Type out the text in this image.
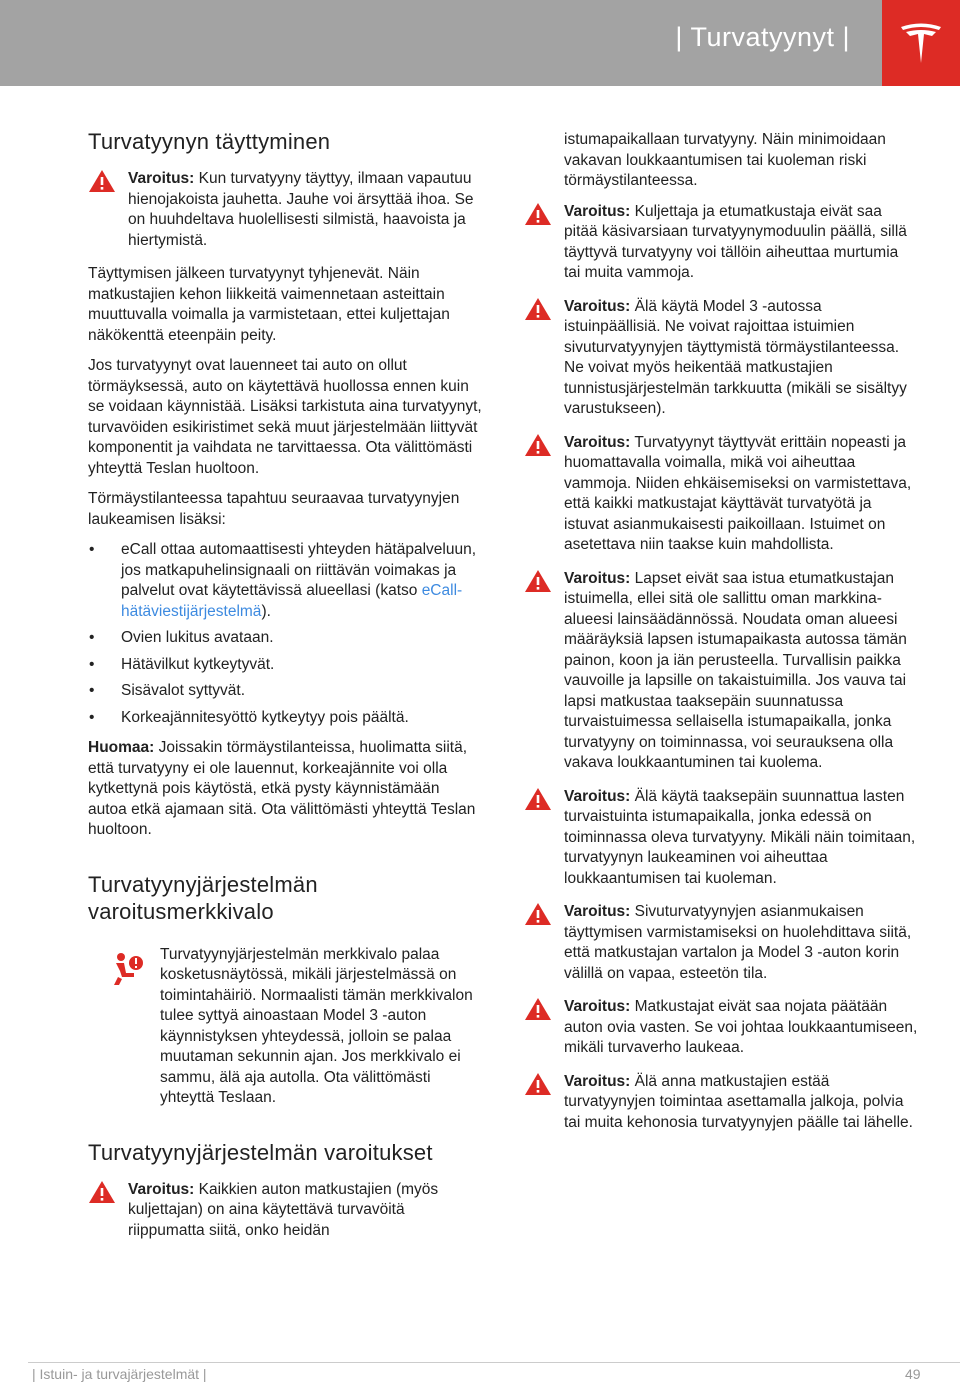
| Turvatyynyt |
Turvatyynyn täyttyminen
Varoitus: Kun turvatyyny täyttyy, ilmaan vapautuu hienojakoista jauhetta. Jauhe voi ärsyttää ihoa. Se on huuhdeltava huolellisesti silmistä, haavoista ja hiertymistä.

Täyttymisen jälkeen turvatyynyt tyhjenevät. Näin matkustajien kehon liikkeitä vaimennetaan asteittain muuttuvalla voimalla ja varmistetaan, ettei kuljettajan näkökenttä eteenpäin peity.

Jos turvatyynyt ovat lauenneet tai auto on ollut törmäyksessä, auto on käytettävä huollossa ennen kuin se voidaan käynnistää. Lisäksi tarkistuta aina turvatyynyt, turvavöiden esikiristimet sekä muut järjestelmään liittyvät komponentit ja vaihdata ne tarvittaessa. Ota välittömästi yhteyttä Teslan huoltoon.

Törmäystilanteessa tapahtuu seuraavaa turvatyynyjen laukeamisen lisäksi:

• eCall ottaa automaattisesti yhteyden hätäpalveluun, jos matkapuhelinsignaali on riittävän voimakas ja palvelut ovat käytettävissä alueellasi (katso eCall-hätäviestijärjestelmä).
• Ovien lukitus avataan.
• Hätävilkut kytkeytyvät.
• Sisävalot syttyvät.
• Korkeajännitesyöttö kytkeytyy pois päältä.

Huomaa: Joissakin törmäystilanteissa, huolimatta siitä, että turvatyyny ei ole lauennut, korkeajännite voi olla kytkettynä pois käytöstä, etkä pysty käynnistämään autoa etkä ajamaan sitä. Ota välittömästi yhteyttä Teslan huoltoon.

Turvatyynyjärjestelmän varoitusmerkkivalo
Turvatyynyjärjestelmän merkkivalo palaa kosketusnäytössä, mikäli järjestelmässä on toimintahäiriö. Normaalisti tämän merkkivalon tulee syttyä ainoastaan Model 3 -auton käynnistyksen yhteydessä, jolloin se palaa muutaman sekunnin ajan. Jos merkkivalo ei sammu, älä aja autolla. Ota välittömästi yhteyttä Teslaan.
Turvatyynyjärjestelmän varoitukset
Varoitus: Kaikkien auton matkustajien (myös kuljettajan) on aina käytettävä turvavöitä riippumatta siitä, onko heidän

istumapaikallaan turvatyyny. Näin minimoidaan vakavan loukkaantumisen tai kuoleman riski törmäystilanteessa.

Varoitus: Kuljettaja ja etumatkustaja eivät saa pitää käsivarsiaan turvatyynymoduulin päällä, sillä täyttyvä turvatyyny voi tällöin aiheuttaa murtumia tai muita vammoja.
Varoitus: Älä käytä Model 3 -autossa istuinpäällisiä. Ne voivat rajoittaa istuimien sivuturvatyynyjen täyttymistä törmäystilanteessa. Ne voivat myös heikentää matkustajien tunnistusjärjestelmän tarkkuutta (mikäli se sisältyy varustukseen).
Varoitus: Turvatyynyt täyttyvät erittäin nopeasti ja huomattavalla voimalla, mikä voi aiheuttaa vammoja. Niiden ehkäisemiseksi on varmistettava, että kaikki matkustajat käyttävät turvatyötä ja istuvat asianmukaisesti paikoillaan. Istuimet on asetettava niin taakse kuin mahdollista.
Varoitus: Lapset eivät saa istua etumatkustajan istuimella, ellei sitä ole sallittu oman markkina-alueesi lainsäädännössä. Noudata oman alueesi määräyksiä lapsen istumapaikasta autossa tämän painon, koon ja iän perusteella. Turvallisin paikka vauvoille ja lapsille on takaistuimilla. Jos vauva tai lapsi matkustaa taaksepäin suunnatussa turvaistuimessa sellaisella istumapaikalla, jonka turvatyyny on toiminnassa, voi seurauksena olla vakava loukkaantuminen tai kuolema.
Varoitus: Älä käytä taaksepäin suunnattua lasten turvaistuinta istumapaikalla, jonka edessä on toiminnassa oleva turvatyyny. Mikäli näin toimitaan, turvatyynyn laukeaminen voi aiheuttaa loukkaantumisen tai kuoleman.
Varoitus: Sivuturvatyynyjen asianmukaisen täyttymisen varmistamiseksi on huolehdittava siitä, että matkustajan vartalon ja Model 3 -auton korin välillä on vapaa, esteetön tila.
Varoitus: Matkustajat eivät saa nojata päätään auton ovia vasten. Se voi johtaa loukkaantumiseen, mikäli turvaverho laukeaa.
Varoitus: Älä anna matkustajien estää turvatyynyjen toimintaa asettamalla jalkoja, polvia tai muita kehonosia turvatyynyjen päälle tai lähelle.
| Istuin- ja turvajärjestelmät |	49
